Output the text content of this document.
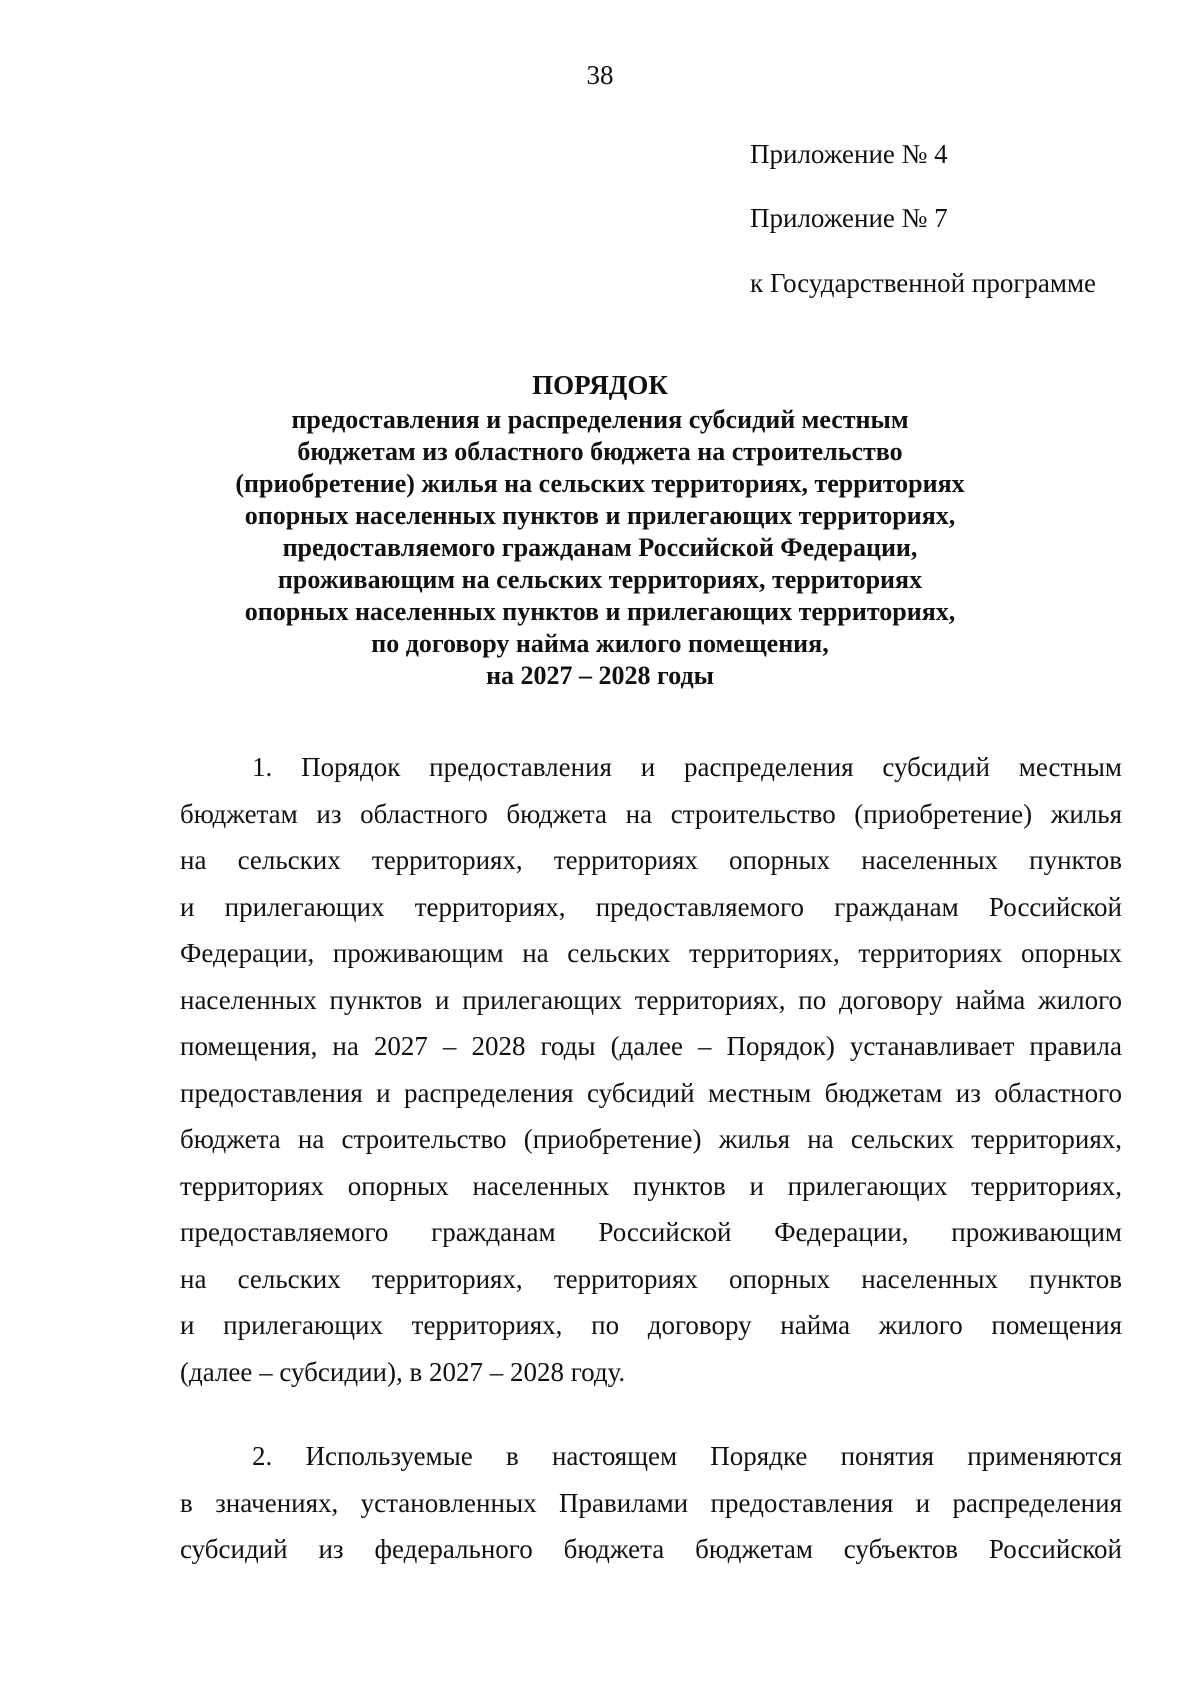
38
Приложение № 4
Приложение № 7
к Государственной программе
ПОРЯДОК
предоставления и распределения субсидий местным
бюджетам из областного бюджета на строительство
(приобретение) жилья на сельских территориях, территориях
опорных населенных пунктов и прилегающих территориях,
предоставляемого гражданам Российской Федерации,
проживающим на сельских территориях, территориях
опорных населенных пунктов и прилегающих территориях,
по договору найма жилого помещения,
на 2027 – 2028 годы
1. Порядок предоставления и распределения субсидий местным
бюджетам из областного бюджета на строительство (приобретение) жилья
на сельских территориях, территориях опорных населенных пунктов
и прилегающих территориях, предоставляемого гражданам Российской
Федерации, проживающим на сельских территориях, территориях опорных
населенных пунктов и прилегающих территориях, по договору найма жилого
помещения, на 2027 – 2028 годы (далее – Порядок) устанавливает правила
предоставления и распределения субсидий местным бюджетам из областного
бюджета на строительство (приобретение) жилья на сельских территориях,
территориях опорных населенных пунктов и прилегающих территориях,
предоставляемого гражданам Российской Федерации, проживающим
на сельских территориях, территориях опорных населенных пунктов
и прилегающих территориях, по договору найма жилого помещения
(далее – субсидии), в 2027 – 2028 году.
2. Используемые в настоящем Порядке понятия применяются
в значениях, установленных Правилами предоставления и распределения
субсидий из федерального бюджета бюджетам субъектов Российской
